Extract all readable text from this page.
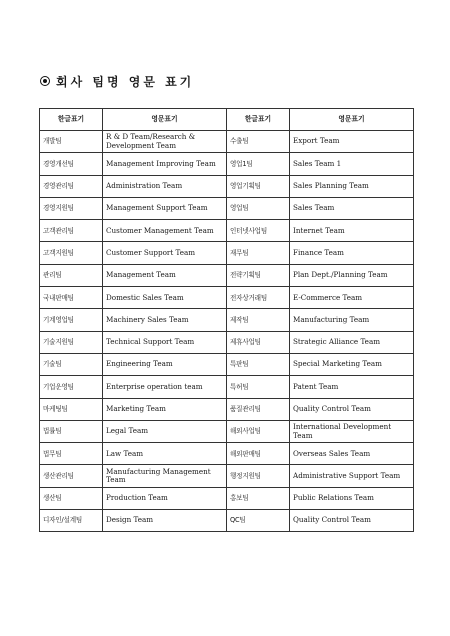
회사 팀명 영문 표기
한글표기	영문표기	한글표기	영문표기
개발팀	R & D Team/Research & Development Team	수출팀	Export Team
경영개선팀	Management Improving Team	영업1팀	Sales Team 1
경영관리팀	Administration Team	영업기획팀	Sales Planning Team
경영지원팀	Management Support Team	영업팀	Sales Team
고객관리팀	Customer Management Team	인터넷사업팀	Internet Team
고객지원팀	Customer Support Team	재무팀	Finance Team
관리팀	Management Team	전략기획팀	Plan Dept./Planning Team
국내판매팀	Domestic Sales Team	전자상거래팀	E-Commerce Team
기계영업팀	Machinery Sales Team	제작팀	Manufacturing Team
기술지원팀	Technical Support Team	제휴사업팀	Strategic Alliance Team
기술팀	Engineering Team	특판팀	Special Marketing Team
기업운영팀	Enterprise operation team	특허팀	Patent Team
마케팅팀	Marketing Team	품질관리팀	Quality Control Team
법률팀	Legal Team	해외사업팀	International Development Team
법무팀	Law Team	해외판매팀	Overseas Sales Team
생산관리팀	Manufacturing Management Team	행정지원팀	Administrative Support Team
생산팀	Production Team	홍보팀	Public Relations Team
디자인/설계팀	Design Team	QC팀	Quality Control Team
